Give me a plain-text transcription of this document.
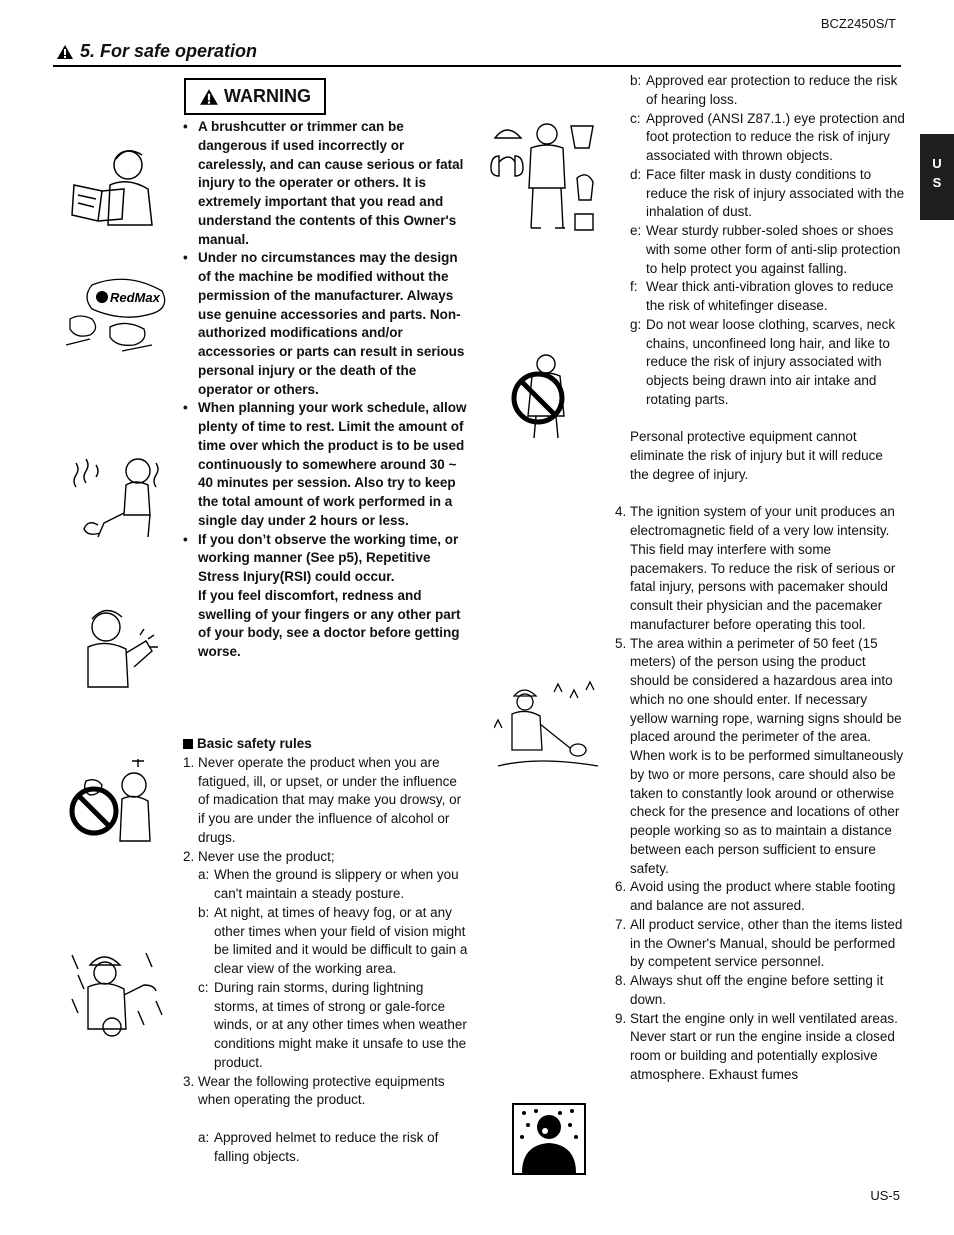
BCZ2450S/T
5. For safe operation
U
S
WARNING
• A brushcutter or trimmer can be dangerous if used incorrectly or carelessly, and can cause serious or fatal injury to the operater or others. It is extremely important that you read and understand the contents of this Owner's manual.
• Under no circumstances may the design of the machine be modified without the permission of the manufacturer. Always use genuine accessories and parts. Non-authorized modifications and/or accessories or parts can result in serious personal injury or the death of the operator or others.
• When planning your work schedule, allow plenty of time to rest. Limit the amount of time over which the product is to be used continuously to somewhere around 30 ~ 40 minutes per session. Also try to keep the total amount of work performed in a single day under 2 hours or less.
• If you don’t observe the working time, or working manner (See p5), Repetitive Stress Injury(RSI) could occur.
If you feel discomfort, redness and swelling of your fingers or any other part of your body, see a doctor before getting worse.
Basic safety rules
1. Never operate the product when you are fatigued, ill, or upset, or under the influence of madication that may make you drowsy, or if you are under the influence of alcohol or drugs.
2. Never use the product;
a: When the ground is slippery or when you can't maintain a steady posture.
b: At night, at times of heavy fog, or at any other times when your field of vision might be limited and it would be difficult to gain a clear view of the working area.
c: During rain storms, during lightning storms, at times of strong or gale-force winds, or at any other times when weather conditions might make it unsafe to use the product.
3. Wear the following protective equipments when operating the product.
a: Approved helmet to reduce the risk of falling objects.
b: Approved ear protection to reduce the risk of hearing loss.
c: Approved (ANSI Z87.1.) eye protection and foot protection to reduce the risk of injury associated with thrown objects.
d: Face filter mask in dusty conditions to reduce the risk of injury associated with the inhalation of dust.
e: Wear sturdy rubber-soled shoes or shoes with some other form of anti-slip protection to help protect you against falling.
f: Wear thick anti-vibration gloves to reduce the risk of whitefinger disease.
g: Do not wear loose clothing, scarves, neck chains, unconfineed long hair, and like to reduce the risk of injury associated with objects being drawn into air intake and rotating parts.
Personal protective equipment cannot eliminate the risk of injury but it will reduce the degree of injury.
4. The ignition system of your unit produces an electromagnetic field of a very low intensity. This field may interfere with some pacemakers. To reduce the risk of serious or fatal injury, persons with pacemaker should consult their physician and the pacemaker manufacturer before operating this tool.
5. The area within a perimeter of 50 feet (15 meters) of the person using the product should be considered a hazardous area into which no one should enter. If necessary yellow warning rope, warning signs should be placed around the perimeter of the area.
When work is to be performed simultaneously by two or more persons, care should also be taken to constantly look around or otherwise check for the presence and locations of other people working so as to maintain a distance between each person sufficient to ensure safety.
6. Avoid using the product where stable footing and balance are not assured.
7. All product service, other than the items listed in the Owner's Manual, should be performed by competent service personnel.
8. Always shut off the engine before setting it down.
9. Start the engine only in well ventilated areas. Never start or run the engine inside a closed room or building and potentially explosive atmosphere. Exhaust fumes
RedMax
US-5
